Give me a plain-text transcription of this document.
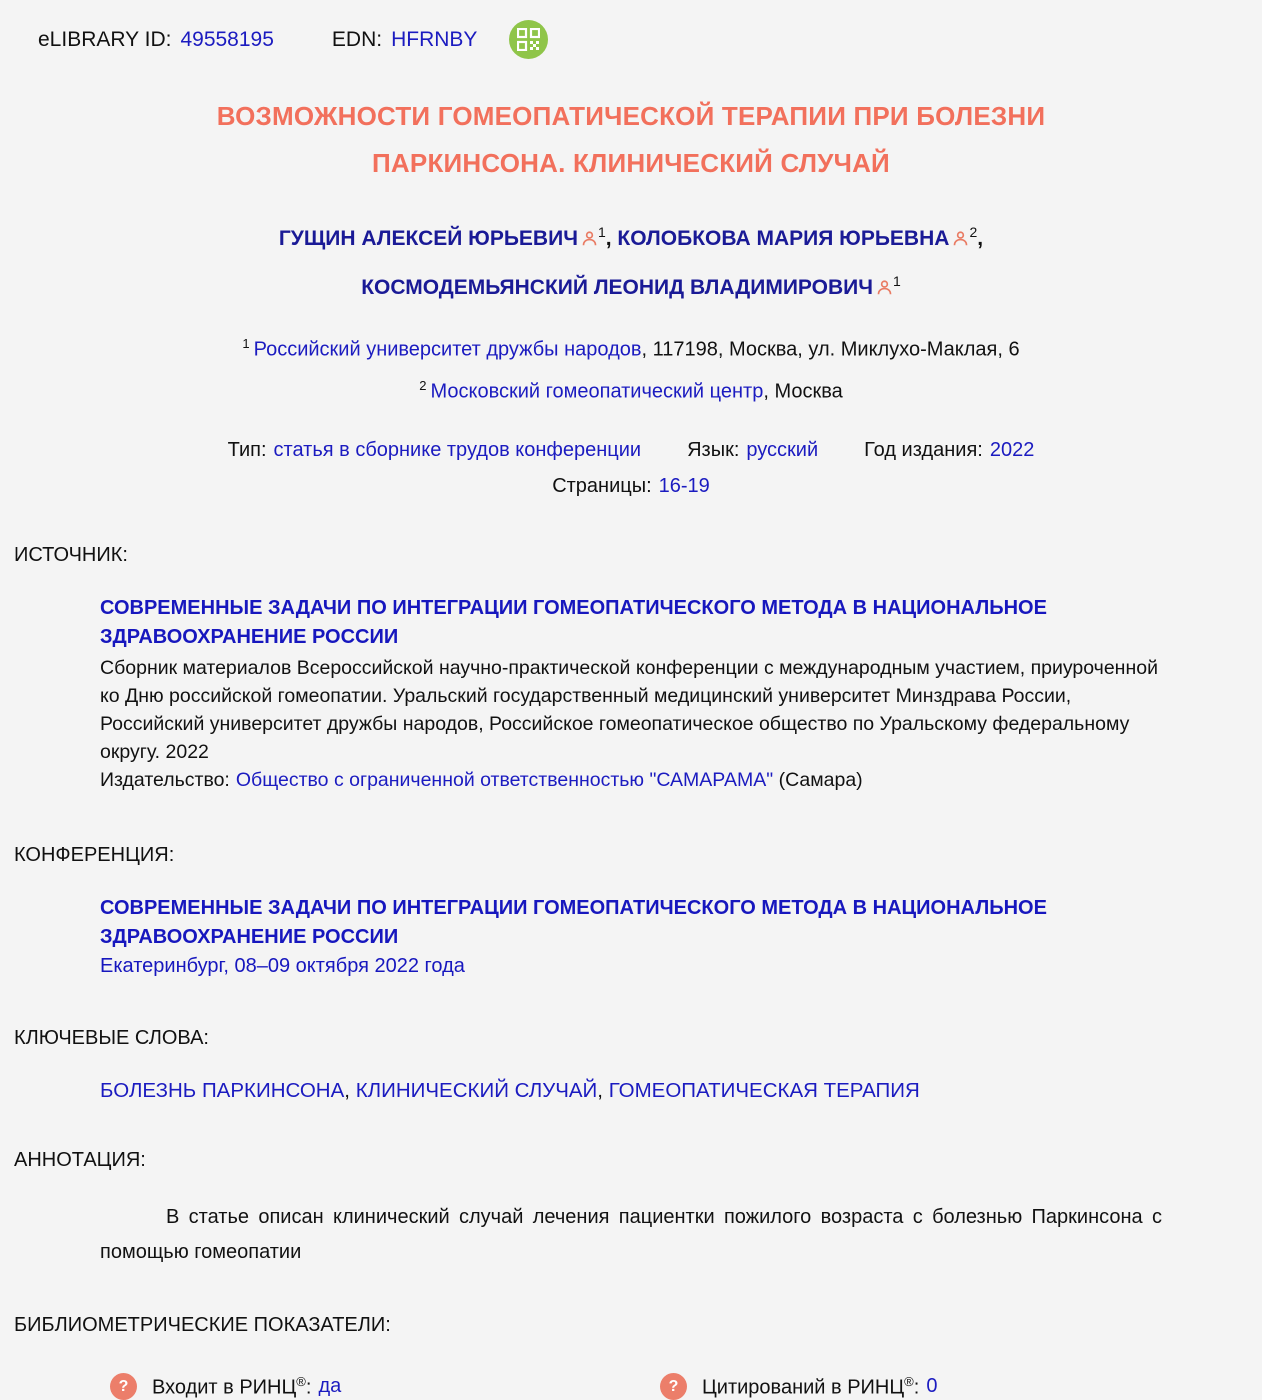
eLIBRARY ID: 49558195	EDN: HFRNBY
ВОЗМОЖНОСТИ ГОМЕОПАТИЧЕСКОЙ ТЕРАПИИ ПРИ БОЛЕЗНИ ПАРКИНСОНА. КЛИНИЧЕСКИЙ СЛУЧАЙ
ГУЩИН АЛЕКСЕЙ ЮРЬЕВИЧ $^1$, КОЛОБКОВА МАРИЯ ЮРЬЕВНА $^2$, КОСМОДЕМЬЯНСКИЙ ЛЕОНИД ВЛАДИМИРОВИЧ $^1$
$^1$ Российский университет дружбы народов, 117198, Москва, ул. Миклухо-Маклая, 6
$^2$ Московский гомеопатический центр, Москва
Тип: статья в сборнике трудов конференции Язык: русский Год издания: 2022
Страницы: 16-19
ИСТОЧНИК:
СОВРЕМЕННЫЕ ЗАДАЧИ ПО ИНТЕГРАЦИИ ГОМЕОПАТИЧЕСКОГО МЕТОДА В НАЦИОНАЛЬНОЕ ЗДРАВООХРАНЕНИЕ РОССИИ
Сборник материалов Всероссийской научно-практической конференции с международным участием, приуроченной ко Дню российской гомеопатии. Уральский государственный медицинский университет Минздрава России, Российский университет дружбы народов, Российское гомеопатическое общество по Уральскому федеральному округу. 2022
Издательство: Общество с ограниченной ответственностью "САМАРАМА" (Самара)
КОНФЕРЕНЦИЯ:
СОВРЕМЕННЫЕ ЗАДАЧИ ПО ИНТЕГРАЦИИ ГОМЕОПАТИЧЕСКОГО МЕТОДА В НАЦИОНАЛЬНОЕ ЗДРАВООХРАНЕНИЕ РОССИИ
Екатеринбург, 08–09 октября 2022 года
КЛЮЧЕВЫЕ СЛОВА:
БОЛЕЗНЬ ПАРКИНСОНА, КЛИНИЧЕСКИЙ СЛУЧАЙ, ГОМЕОПАТИЧЕСКАЯ ТЕРАПИЯ
АННОТАЦИЯ:
В статье описан клинический случай лечения пациентки пожилого возраста с болезнью Паркинсона с помощью гомеопатии
БИБЛИОМЕТРИЧЕСКИЕ ПОКАЗАТЕЛИ:
?	Входит в РИНЦ®: да	?	Цитирований в РИНЦ®: 0
